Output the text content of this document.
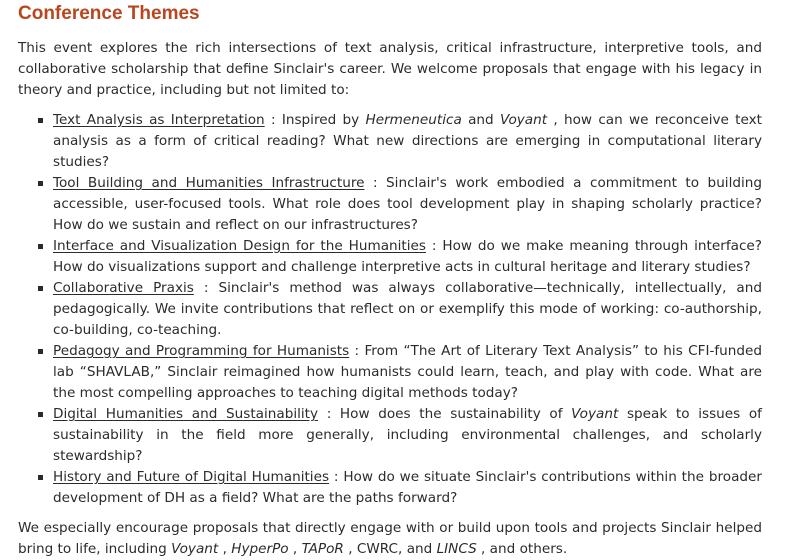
Conference Themes

This event explores the rich intersections of text analysis, critical infrastructure, interpretive tools, and collaborative scholarship that define Sinclair's career. We welcome proposals that engage with his legacy in theory and practice, including but not limited to:

Text Analysis as Interpretation : Inspired by Hermeneutica and Voyant , how can we reconceive text analysis as a form of critical reading? What new directions are emerging in computational literary studies?
Tool Building and Humanities Infrastructure : Sinclair's work embodied a commitment to building accessible, user-focused tools. What role does tool development play in shaping scholarly practice? How do we sustain and reflect on our infrastructures?
Interface and Visualization Design for the Humanities : How do we make meaning through interface? How do visualizations support and challenge interpretive acts in cultural heritage and literary studies?
Collaborative Praxis : Sinclair's method was always collaborative—technically, intellectually, and pedagogically. We invite contributions that reflect on or exemplify this mode of working: co-authorship, co-building, co-teaching.
Pedagogy and Programming for Humanists : From “The Art of Literary Text Analysis” to his CFI-funded lab “SHAVLAB,” Sinclair reimagined how humanists could learn, teach, and play with code. What are the most compelling approaches to teaching digital methods today?
Digital Humanities and Sustainability : How does the sustainability of Voyant speak to issues of sustainability in the field more generally, including environmental challenges, and scholarly stewardship?
History and Future of Digital Humanities : How do we situate Sinclair's contributions within the broader development of DH as a field? What are the paths forward?

We especially encourage proposals that directly engage with or build upon tools and projects Sinclair helped bring to life, including Voyant , HyperPo , TAPoR , CWRC, and LINCS , and others.
